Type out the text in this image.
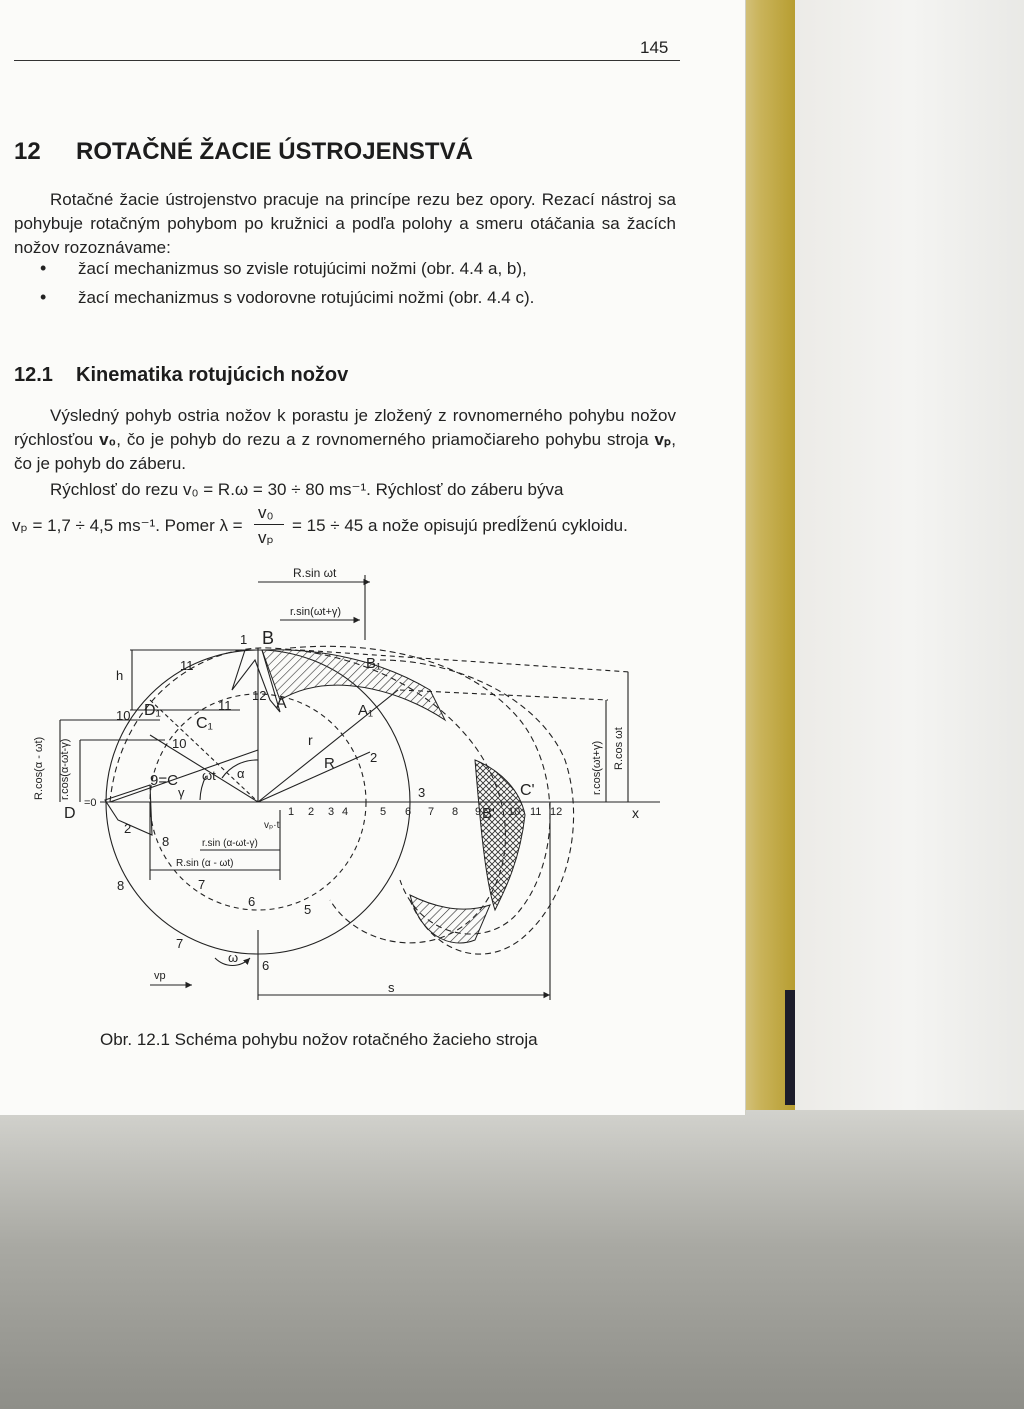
145
12 ROTAČNÉ ŽACIE ÚSTROJENSTVÁ
Rotačné žacie ústrojenstvo pracuje na princípe rezu bez opory. Rezací nástroj sa pohybuje rotačným pohybom po kružnici a podľa polohy a smeru otáčania sa žacích nožov rozoznávame:
• žací mechanizmus so zvisle rotujúcimi nožmi (obr. 4.4 a, b),
• žací mechanizmus s vodorovne rotujúcimi nožmi (obr. 4.4 c).
12.1 Kinematika rotujúcich nožov
Výsledný pohyb ostria nožov k porastu je zložený z rovnomerného pohybu nožov rýchlosťou v₀, čo je pohyb do rezu a z rovnomerného priamočiareho pohybu stroja vₚ, čo je pohyb do záberu.
Rýchlosť do rezu v₀ = R.ω = 30 ÷ 80 ms⁻¹. Rýchlosť do záberu býva
vₚ = 1,7 ÷ 4,5 ms⁻¹. Pomer λ =
v₀
vₚ
= 15 ÷ 45 a nože opisujú predĺženú cykloidu.
R.sin ωt
r.sin(ωt+γ)
h
B
B₁
A	A₁
C₁
D₁
9=C
D
=0
C'
B'
r
R
α
ωt
γ
x
s
ω
vp
vₚ·t
r.sin (α-ωt-γ)
R.sin (α - ωt)
R.cos(α - ωt) r.cos(α-ωt-γ)	R.cos ωt
r.cos(ωt+γ)
1 2 3 4	5 6 7 8 9 10 11 12
1
2
2
3
5
6
6
7
7
8
8
10
10
11
11
12
Obr. 12.1 Schéma pohybu nožov rotačného žacieho stroja
